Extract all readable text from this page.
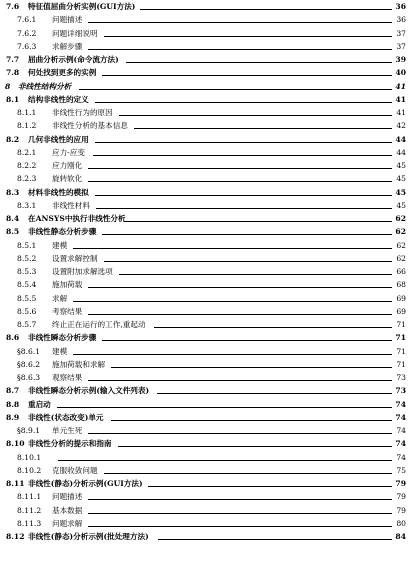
7.6 特征值屈曲分析实例(GUI方法)	36
7.6.1 问题描述	36
7.6.2 问题详细说明	37
7.6.3 求解步骤	37
7.7 屈曲分析示例(命令流方法)	39
7.8 何处找到更多的实例	40
8 非线性结构分析	41
8.1 结构非线性的定义	41
8.1.1 非线性行为的原因	41
8.1.2 非线性分析的基本信息	42
8.2 几何非线性的应用	44
8.2.1 应力-应变	44
8.2.2 应力刚化	45
8.2.3 旋转软化	45
8.3 材料非线性的模拟	45
8.3.1 非线性材料	45
8.4 在ANSYS中执行非线性分析	62
8.5 非线性静态分析步骤	62
8.5.1 建模	62
8.5.2 设置求解控制	62
8.5.3 设置附加求解选项	66
8.5.4 施加荷载	68
8.5.5 求解	69
8.5.6 考察结果	69
8.5.7 终止正在运行的工作,重起动	71
8.6 非线性瞬态分析步骤	71
§8.6.1 建模	71
§8.6.2 施加荷载和求解	71
§8.6.3 观察结果	73
8.7 非线性瞬态分析示例(输入文件列表)	73
8.8 重启动	74
8.9 非线性(状态改变)单元	74
§8.9.1 单元生死	74
8.10 非线性分析的提示和指南	74
8.10.1	74
8.10.2 克服收敛问题	75
8.11 非线性(静态)分析示例(GUI方法)	79
8.11.1 问题描述	79
8.11.2 基本数据	79
8.11.3 问题求解	80
8.12 非线性(静态)分析示例(批处理方法)	84
